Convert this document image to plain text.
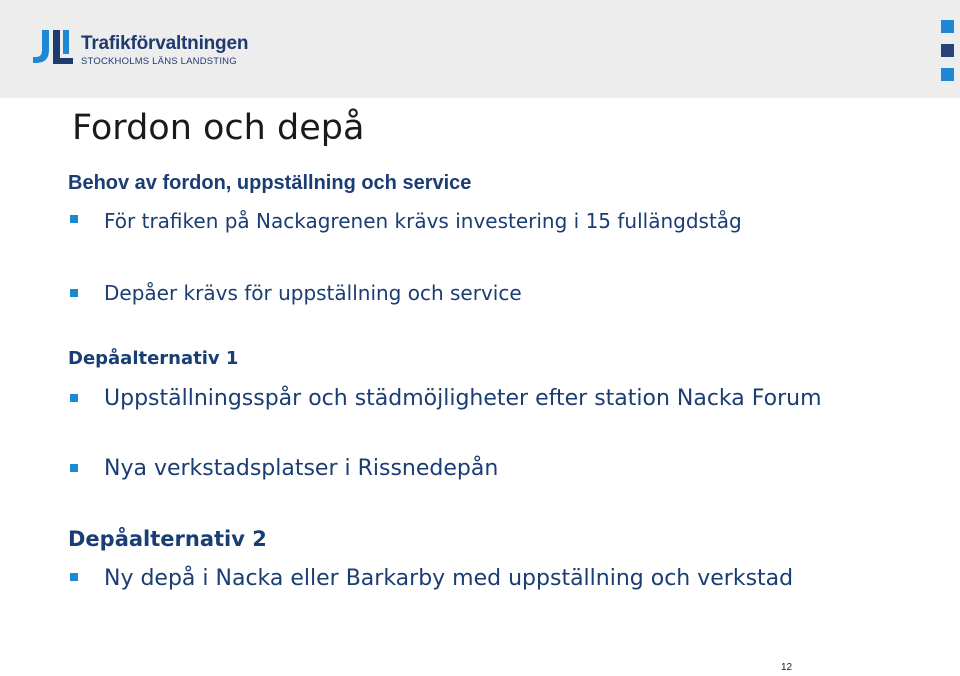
Trafikförvaltningen
STOCKHOLMS LÄNS LANDSTING
Fordon och depå
Behov av fordon, uppställning och service
För trafiken på Nackagrenen krävs investering i 15 fullängdståg
Depåer krävs för uppställning och service
Depåalternativ 1
Uppställningsspår och städmöjligheter efter station Nacka Forum
Nya verkstadsplatser i Rissnedepån
Depåalternativ 2
Ny depå i Nacka eller Barkarby med uppställning och verkstad
12
